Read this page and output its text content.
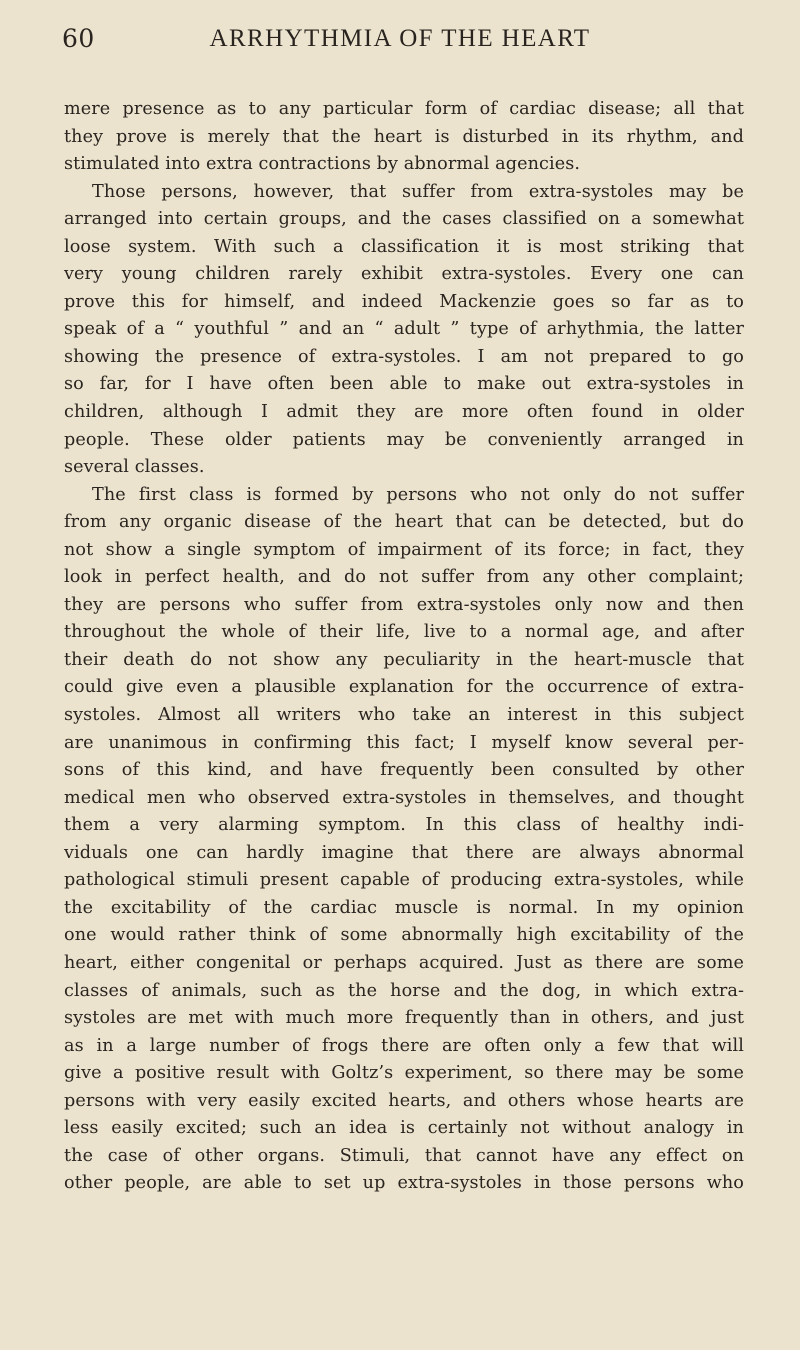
60	ARRHYTHMIA OF THE HEART
mere presence as to any particular form of cardiac disease; all that
they prove is merely that the heart is disturbed in its rhythm, and
stimulated into extra contractions by abnormal agencies.
Those persons, however, that suffer from extra-systoles may be
arranged into certain groups, and the cases classified on a somewhat
loose system. With such a classification it is most striking that
very young children rarely exhibit extra-systoles. Every one can
prove this for himself, and indeed Mackenzie goes so far as to
speak of a “ youthful ” and an “ adult ” type of arhythmia, the latter
showing the presence of extra-systoles. I am not prepared to go
so far, for I have often been able to make out extra-systoles in
children, although I admit they are more often found in older
people. These older patients may be conveniently arranged in
several classes.
The first class is formed by persons who not only do not suffer
from any organic disease of the heart that can be detected, but do
not show a single symptom of impairment of its force; in fact, they
look in perfect health, and do not suffer from any other complaint;
they are persons who suffer from extra-systoles only now and then
throughout the whole of their life, live to a normal age, and after
their death do not show any peculiarity in the heart-muscle that
could give even a plausible explanation for the occurrence of extra-
systoles. Almost all writers who take an interest in this subject
are unanimous in confirming this fact; I myself know several per-
sons of this kind, and have frequently been consulted by other
medical men who observed extra-systoles in themselves, and thought
them a very alarming symptom. In this class of healthy indi-
viduals one can hardly imagine that there are always abnormal
pathological stimuli present capable of producing extra-systoles, while
the excitability of the cardiac muscle is normal. In my opinion
one would rather think of some abnormally high excitability of the
heart, either congenital or perhaps acquired. Just as there are some
classes of animals, such as the horse and the dog, in which extra-
systoles are met with much more frequently than in others, and just
as in a large number of frogs there are often only a few that will
give a positive result with Goltz’s experiment, so there may be some
persons with very easily excited hearts, and others whose hearts are
less easily excited; such an idea is certainly not without analogy in
the case of other organs. Stimuli, that cannot have any effect on
other people, are able to set up extra-systoles in those persons who
